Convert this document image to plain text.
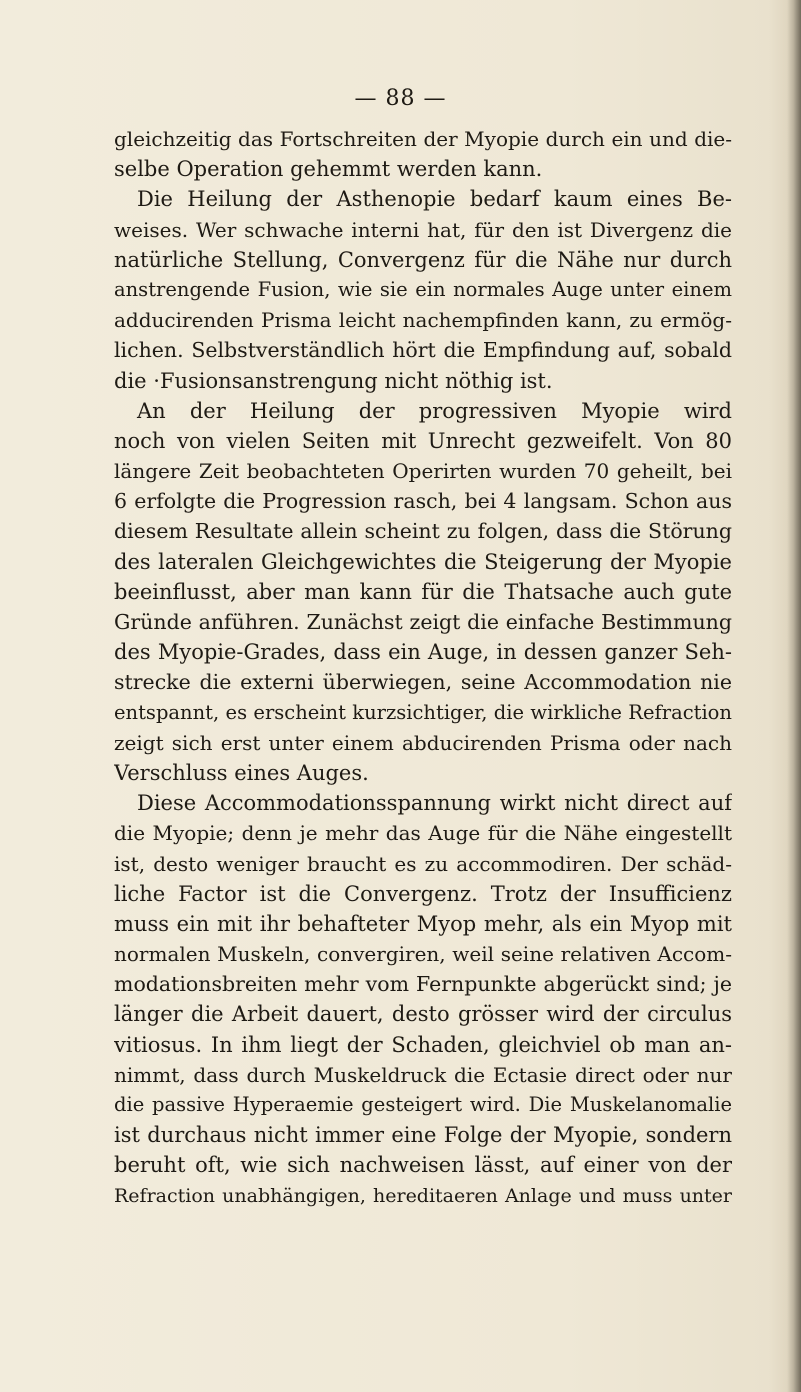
— 88 —
gleichzeitig das Fortschreiten der Myopie durch ein und die-
selbe Operation gehemmt werden kann.
Die Heilung der Asthenopie bedarf kaum eines Be-
weises. Wer schwache interni hat, für den ist Divergenz die
natürliche Stellung, Convergenz für die Nähe nur durch
anstrengende Fusion, wie sie ein normales Auge unter einem
adducirenden Prisma leicht nachempfinden kann, zu ermög-
lichen. Selbstverständlich hört die Empfindung auf, sobald
die ·Fusionsanstrengung nicht nöthig ist.
An der Heilung der progressiven Myopie wird
noch von vielen Seiten mit Unrecht gezweifelt. Von 80
längere Zeit beobachteten Operirten wurden 70 geheilt, bei
6 erfolgte die Progression rasch, bei 4 langsam. Schon aus
diesem Resultate allein scheint zu folgen, dass die Störung
des lateralen Gleichgewichtes die Steigerung der Myopie
beeinflusst, aber man kann für die Thatsache auch gute
Gründe anführen. Zunächst zeigt die einfache Bestimmung
des Myopie-Grades, dass ein Auge, in dessen ganzer Seh-
strecke die externi überwiegen, seine Accommodation nie
entspannt, es erscheint kurzsichtiger, die wirkliche Refraction
zeigt sich erst unter einem abducirenden Prisma oder nach
Verschluss eines Auges.
Diese Accommodationsspannung wirkt nicht direct auf
die Myopie; denn je mehr das Auge für die Nähe eingestellt
ist, desto weniger braucht es zu accommodiren. Der schäd-
liche Factor ist die Convergenz. Trotz der Insufficienz
muss ein mit ihr behafteter Myop mehr, als ein Myop mit
normalen Muskeln, convergiren, weil seine relativen Accom-
modationsbreiten mehr vom Fernpunkte abgerückt sind; je
länger die Arbeit dauert, desto grösser wird der circulus
vitiosus. In ihm liegt der Schaden, gleichviel ob man an-
nimmt, dass durch Muskeldruck die Ectasie direct oder nur
die passive Hyperaemie gesteigert wird. Die Muskelanomalie
ist durchaus nicht immer eine Folge der Myopie, sondern
beruht oft, wie sich nachweisen lässt, auf einer von der
Refraction unabhängigen, hereditaeren Anlage und muss unter
